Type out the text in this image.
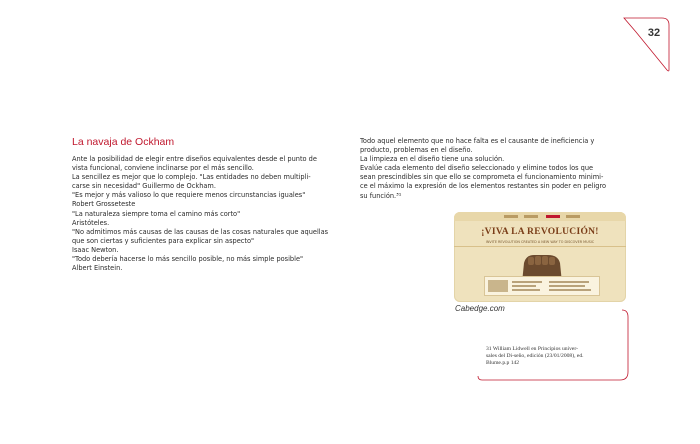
32
La navaja de Ockham

Ante la posibilidad de elegir entre diseños equivalentes desde el punto de

vista funcional, conviene inclinarse por el más sencillo.

La sencillez es mejor que lo complejo. "Las entidades no deben multipli-

carse sin necesidad" Guillermo de Ockham.

"Es mejor y más valioso lo que requiere menos circunstancias iguales"

Robert Grosseteste

"La naturaleza siempre toma el camino más corto"

Aristóteles.

"No admitimos más causas de las causas de las cosas naturales que aquellas

que son ciertas y suficientes para explicar sin aspecto"

Isaac Newton.

"Todo debería hacerse lo más sencillo posible, no más simple posible"

Albert Einstein.

Todo aquel elemento que no hace falta es el causante de ineficiencia y

producto, problemas en el diseño.

La limpieza en el diseño tiene una solución.

Evalúe cada elemento del diseño seleccionado y elimine todos los que

sean prescindibles sin que ello se comprometa el funcionamiento minimi-

ce el máximo la expresión de los elementos restantes sin poder en peligro

su función.³¹

¡VIVA LA REVOLUCIÓN!
INVITE REVOLUTION CREATED A NEW WAY TO DISCOVER MUSIC
Cabedge.com

31 William Lidwell en Principios univer-

sales del Di-seño, edición (23/01/2008), ed.

Blume.p.p 142
